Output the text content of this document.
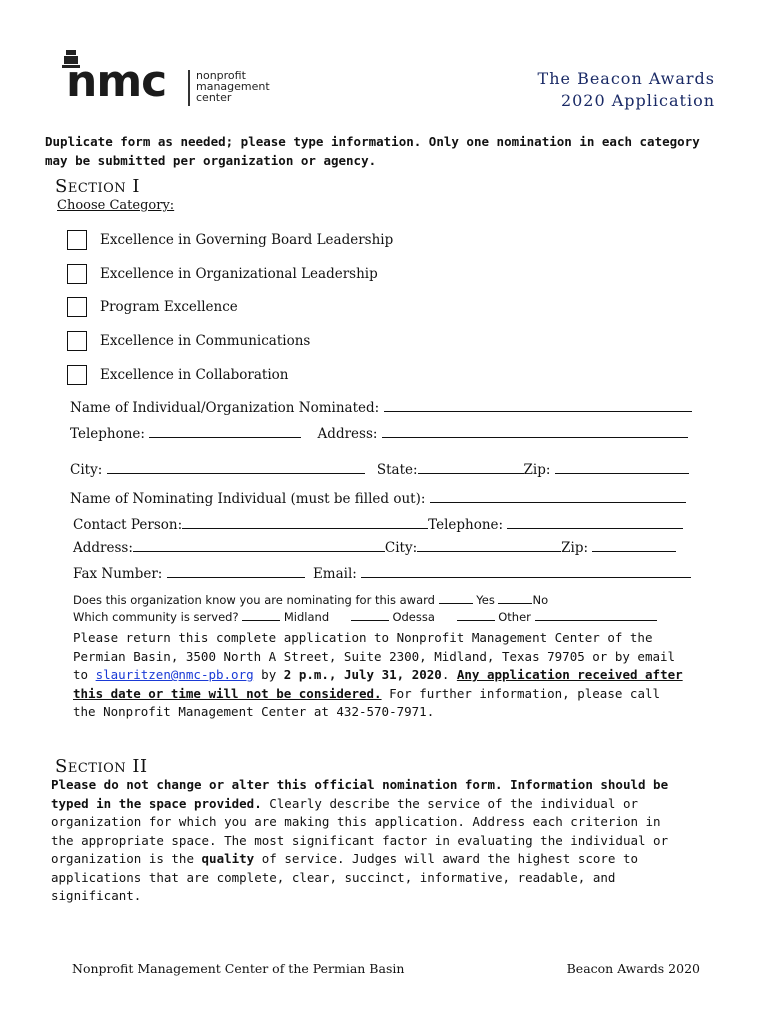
nmc	nonprofit
management
center
The Beacon Awards
2020 Application
Duplicate form as needed; please type information. Only one nomination in each category may be submitted per organization or agency.
Section I
Choose Category:
Excellence in Governing Board Leadership
Excellence in Organizational Leadership
Program Excellence
Excellence in Communications
Excellence in Collaboration
Name of Individual/Organization Nominated:
Telephone:	Address:
City:	State:	Zip:
Name of Nominating Individual (must be filled out):
Contact Person:	Telephone:
Address:	City:	Zip:
Fax Number:	Email:
Does this organization know you are nominating for this award	Yes	No
Which community is served?	Midland	Odessa	Other
Please return this complete application to Nonprofit Management Center of the Permian Basin, 3500 North A Street, Suite 2300, Midland, Texas 79705 or by email to slauritzen@nmc-pb.org by 2 p.m., July 31, 2020. Any application received after this date or time will not be considered. For further information, please call the Nonprofit Management Center at 432-570-7971.
Section II
Please do not change or alter this official nomination form. Information should be typed in the space provided. Clearly describe the service of the individual or organization for which you are making this application. Address each criterion in the appropriate space. The most significant factor in evaluating the individual or organization is the quality of service. Judges will award the highest score to applications that are complete, clear, succinct, informative, readable, and significant.
Nonprofit Management Center of the Permian Basin	Beacon Awards 2020
